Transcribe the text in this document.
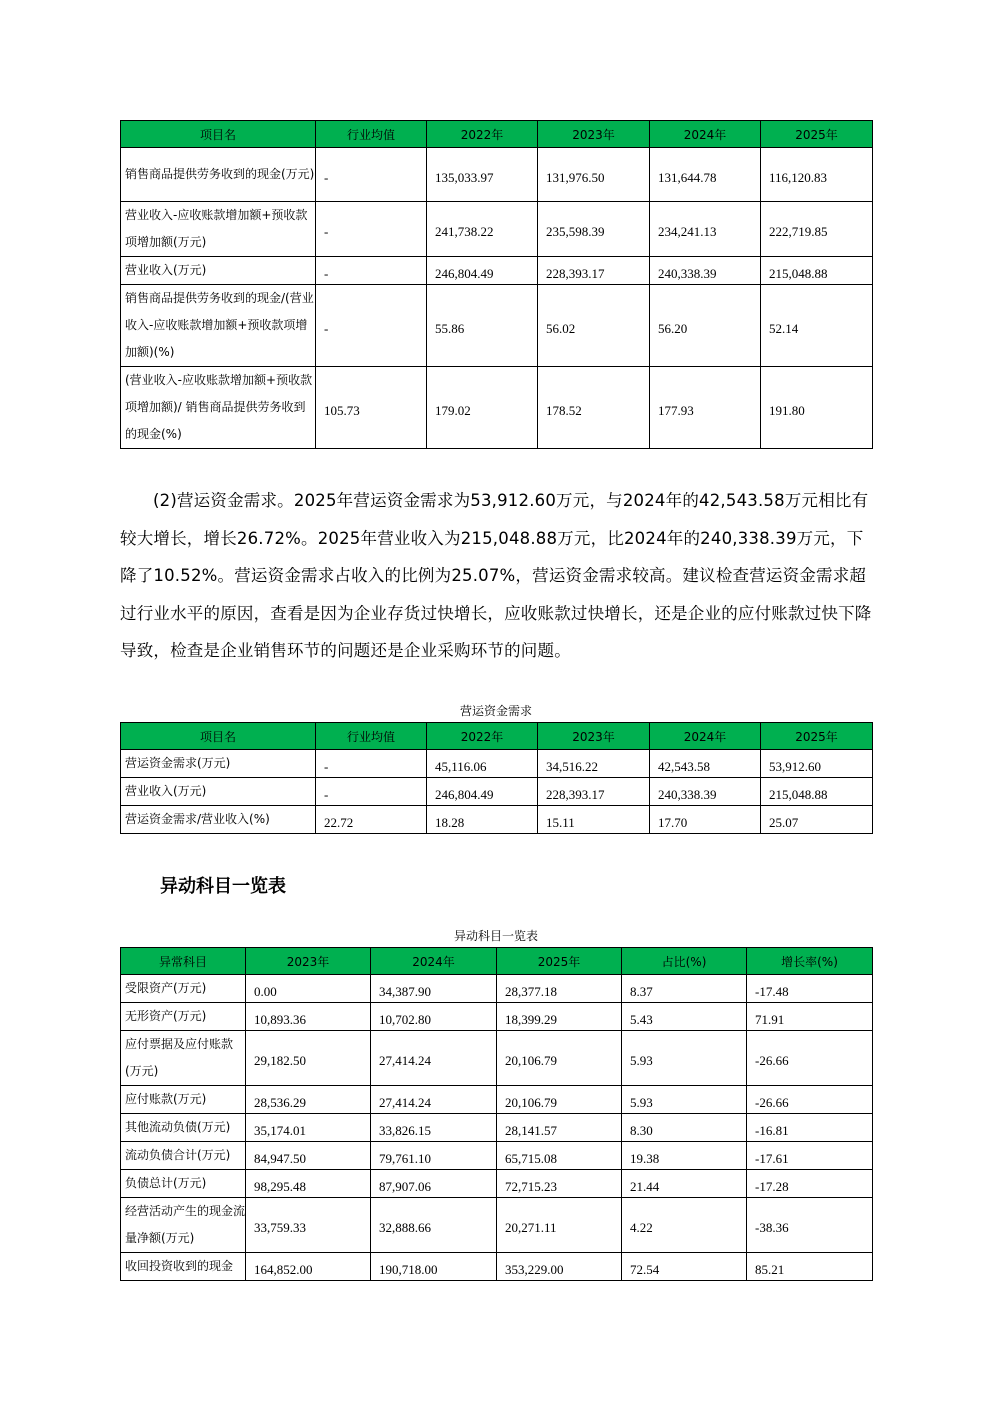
项目名	行业均值	2022年	2023年	2024年	2025年
销售商品提供劳务收到的现金(万元)	-	135,033.97	131,976.50	131,644.78	116,120.83
营业收入-应收账款增加额+预收款项增加额(万元)	-	241,738.22	235,598.39	234,241.13	222,719.85
营业收入(万元)	-	246,804.49	228,393.17	240,338.39	215,048.88
销售商品提供劳务收到的现金/(营业收入-应收账款增加额+预收款项增加额)(%)	-	55.86	56.02	56.20	52.14
(营业收入-应收账款增加额+预收款项增加额)/ 销售商品提供劳务收到的现金(%)	105.73	179.02	178.52	177.93	191.80
(2)营运资金需求。2025年营运资金需求为53,912.60万元，与2024年的42,543.58万元相比有较大增长，增长26.72%。2025年营业收入为215,048.88万元，比2024年的240,338.39万元，下降了10.52%。营运资金需求占收入的比例为25.07%，营运资金需求较高。建议检查营运资金需求超过行业水平的原因，查看是因为企业存货过快增长，应收账款过快增长，还是企业的应付账款过快下降导致，检查是企业销售环节的问题还是企业采购环节的问题。
营运资金需求
项目名	行业均值	2022年	2023年	2024年	2025年
营运资金需求(万元)	-	45,116.06	34,516.22	42,543.58	53,912.60
营业收入(万元)	-	246,804.49	228,393.17	240,338.39	215,048.88
营运资金需求/营业收入(%)	22.72	18.28	15.11	17.70	25.07
异动科目一览表
异动科目一览表
异常科目	2023年	2024年	2025年	占比(%)	增长率(%)
受限资产(万元)	0.00	34,387.90	28,377.18	8.37	-17.48
无形资产(万元)	10,893.36	10,702.80	18,399.29	5.43	71.91
应付票据及应付账款(万元)	29,182.50	27,414.24	20,106.79	5.93	-26.66
应付账款(万元)	28,536.29	27,414.24	20,106.79	5.93	-26.66
其他流动负债(万元)	35,174.01	33,826.15	28,141.57	8.30	-16.81
流动负债合计(万元)	84,947.50	79,761.10	65,715.08	19.38	-17.61
负债总计(万元)	98,295.48	87,907.06	72,715.23	21.44	-17.28
经营活动产生的现金流量净额(万元)	33,759.33	32,888.66	20,271.11	4.22	-38.36
收回投资收到的现金	164,852.00	190,718.00	353,229.00	72.54	85.21
